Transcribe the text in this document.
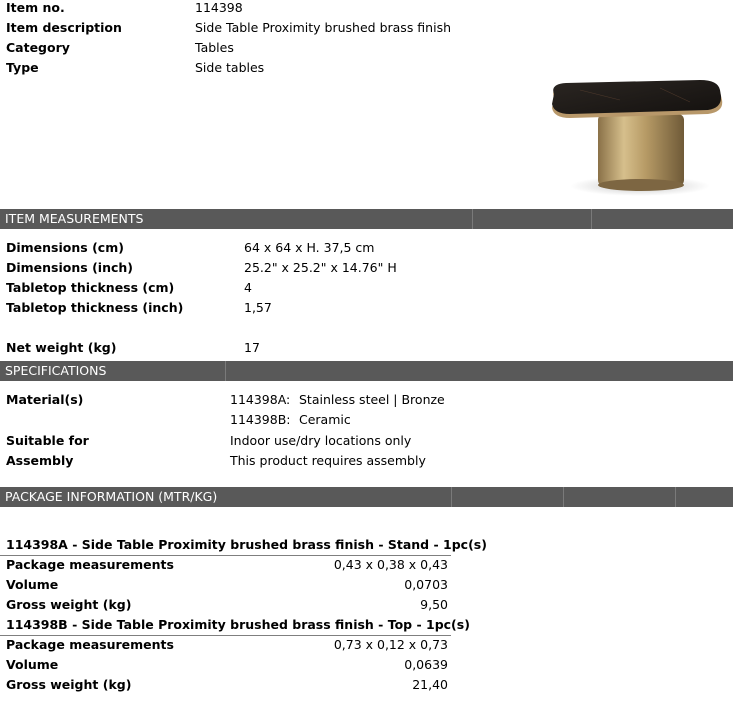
Item no.	114398
Item description	Side Table Proximity brushed brass finish
Category	Tables
Type	Side tables
ITEM MEASUREMENTS
Dimensions (cm)	64 x 64 x H. 37,5 cm
Dimensions (inch)	25.2" x 25.2" x 14.76" H
Tabletop thickness (cm)	4
Tabletop thickness (inch)	1,57
Net weight (kg)	17
SPECIFICATIONS
Material(s)	114398A: Stainless steel | Bronze
114398B: Ceramic
Suitable for	Indoor use/dry locations only
Assembly	This product requires assembly
PACKAGE INFORMATION (MTR/KG)
114398A - Side Table Proximity brushed brass finish - Stand - 1pc(s)
Package measurements	0,43 x 0,38 x 0,43
Volume	0,0703
Gross weight (kg)	9,50
114398B - Side Table Proximity brushed brass finish - Top - 1pc(s)
Package measurements	0,73 x 0,12 x 0,73
Volume	0,0639
Gross weight (kg)	21,40
